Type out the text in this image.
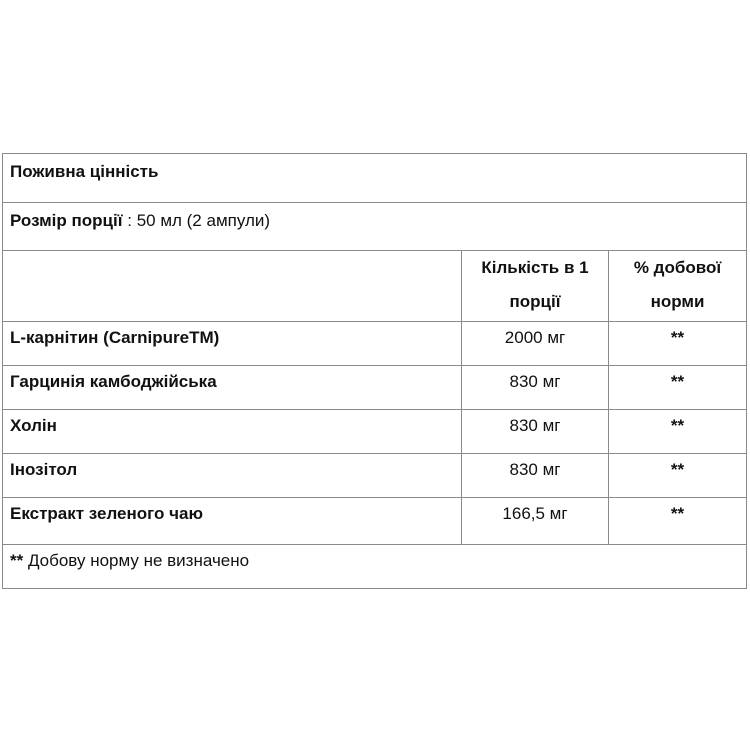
Поживна цінність		
Розмір порції : 50 мл (2 ампули)		
	Кількість в 1 порції	% добової норми
L-карнітин (CarnipureTM)	2000 мг	**
Гарцинія камбоджійська	830 мг	**
Холін	830 мг	**
Інозітол	830 мг	**
Екстракт зеленого чаю	166,5 мг	**
** Добову норму не визначено		
